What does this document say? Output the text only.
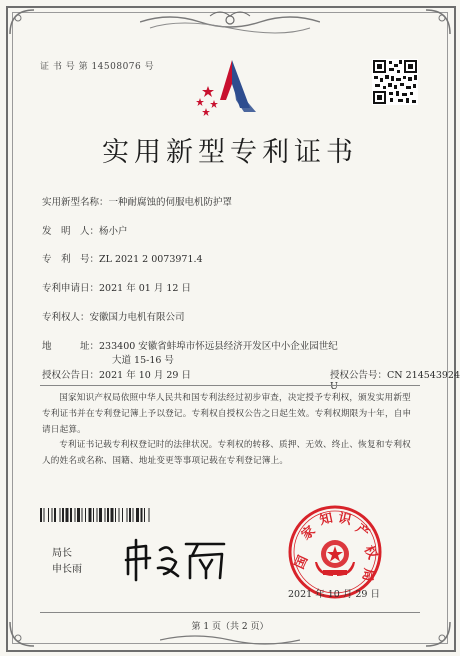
证 书 号 第 14508076 号
实用新型专利证书
实用新型名称：一种耐腐蚀的伺服电机防护罩
发　明　人：杨小户
专　利　号：ZL 2021 2 0073971.4
专利申请日：2021 年 01 月 12 日
专利权人：安徽国力电机有限公司
地　　　址：233400 安徽省蚌埠市怀远县经济开发区中小企业园世纪
大道 15-16 号
授权公告日：2021 年 10 月 29 日	授权公告号：CN 214543924 U
国家知识产权局依照中华人民共和国专利法经过初步审查，决定授予专利权，颁发实用新型专利证书并在专利登记簿上予以登记。专利权自授权公告之日起生效。专利权期限为十年，自申请日起算。
专利证书记载专利权登记时的法律状况。专利权的转移、质押、无效、终止、恢复和专利权人的姓名或名称、国籍、地址变更等事项记载在专利登记簿上。
局长
申长雨	国
家
知 识
产
权
局
2021 年 10 月 29 日
第 1 页（共 2 页）
